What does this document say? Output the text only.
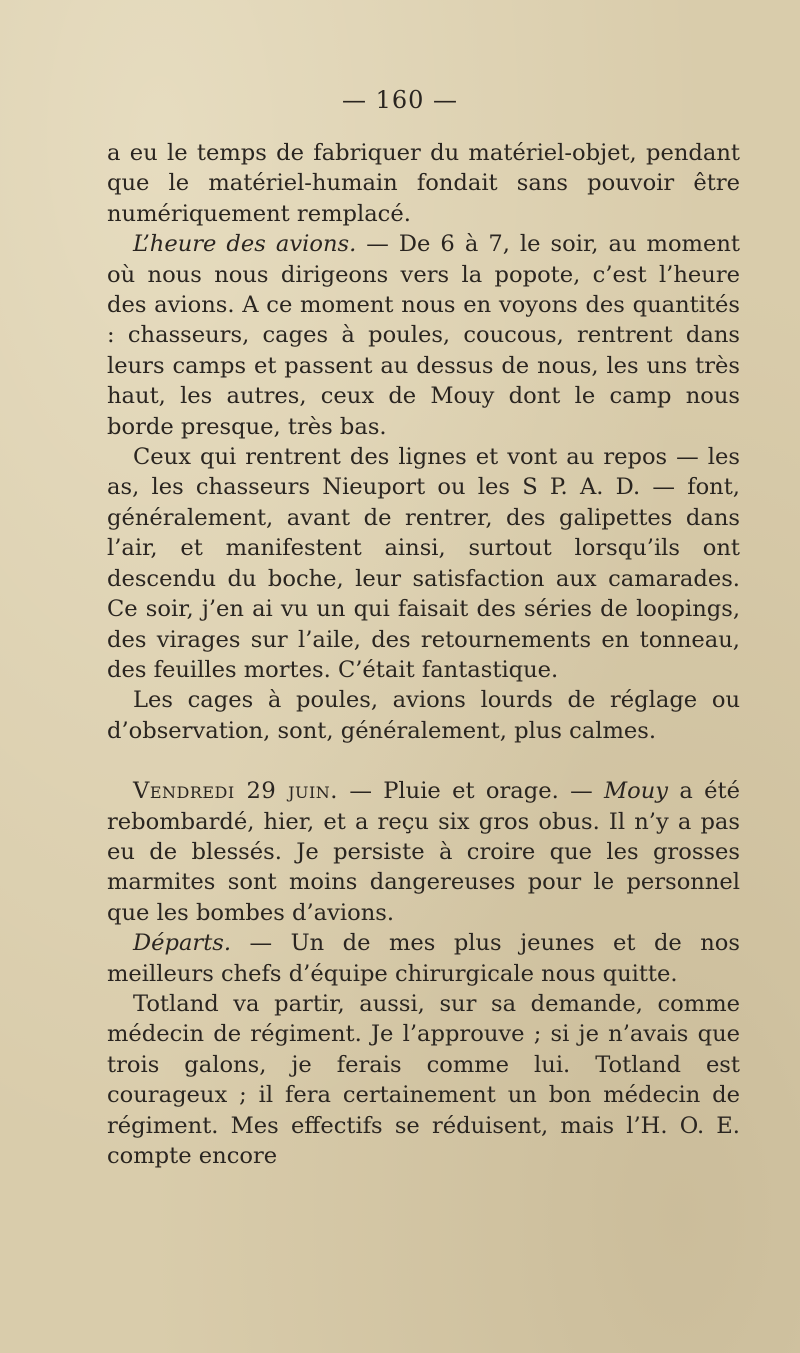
— 160 —

a eu le temps de fabriquer du matériel-objet, pendant que le matériel-humain fondait sans pouvoir être numériquement remplacé.

L’heure des avions. — De 6 à 7, le soir, au moment où nous nous dirigeons vers la popote, c’est l’heure des avions. A ce moment nous en voyons des quantités : chasseurs, cages à poules, coucous, rentrent dans leurs camps et passent au dessus de nous, les uns très haut, les autres, ceux de Mouy dont le camp nous borde presque, très bas.

Ceux qui rentrent des lignes et vont au repos — les as, les chasseurs Nieuport ou les S P. A. D. — font, généralement, avant de rentrer, des galipettes dans l’air, et manifestent ainsi, surtout lorsqu’ils ont descendu du boche, leur satisfaction aux camarades. Ce soir, j’en ai vu un qui faisait des séries de loopings, des virages sur l’aile, des retournements en tonneau, des feuilles mortes. C’était fantastique.

Les cages à poules, avions lourds de réglage ou d’observation, sont, généralement, plus calmes.

Vendredi 29 juin. — Pluie et orage. — Mouy a été rebombardé, hier, et a reçu six gros obus. Il n’y a pas eu de blessés. Je persiste à croire que les grosses marmites sont moins dangereuses pour le personnel que les bombes d’avions.

Départs. — Un de mes plus jeunes et de nos meilleurs chefs d’équipe chirurgicale nous quitte.

Totland va partir, aussi, sur sa demande, comme médecin de régiment. Je l’approuve ; si je n’avais que trois galons, je ferais comme lui. Totland est courageux ; il fera certainement un bon médecin de régiment. Mes effectifs se réduisent, mais l’H. O. E. compte encore
